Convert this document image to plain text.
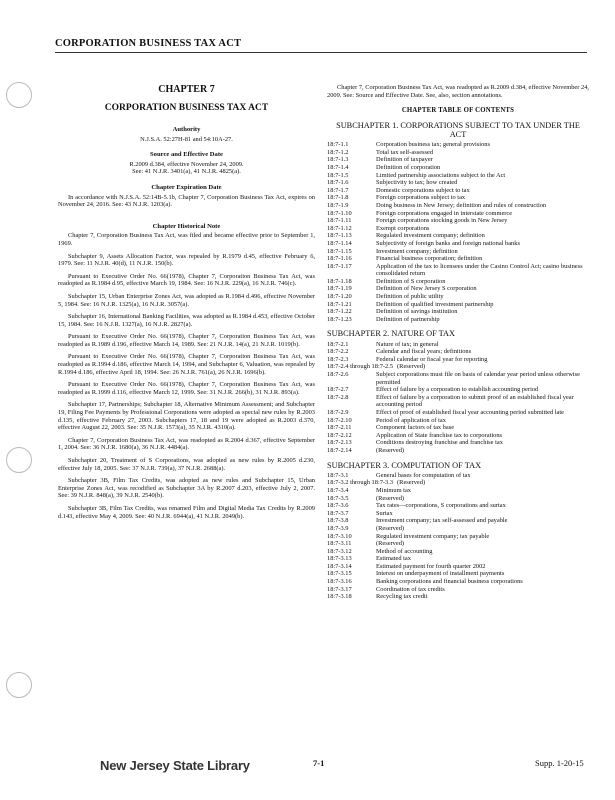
CORPORATION BUSINESS TAX ACT
CHAPTER 7
CORPORATION BUSINESS TAX ACT
Authority

N.J.S.A. 52:27H-81 and 54:10A-27.

Source and Effective Date
R.2009 d.384, effective November 24, 2009.
See: 41 N.J.R. 3401(a), 41 N.J.R. 4825(a).
Chapter Expiration Date

In accordance with N.J.S.A. 52:14B-5.1b, Chapter 7, Corporation Business Tax Act, expires on November 24, 2016. See: 43 N.J.R. 1203(a).

Chapter Historical Note

Chapter 7, Corporation Business Tax Act, was filed and became effective prior to September 1, 1969.

Subchapter 9, Assets Allocation Factor, was repealed by R.1979 d.45, effective February 6, 1979. See: 11 N.J.R. 40(d), 11 N.J.R. 150(b).

Pursuant to Executive Order No. 66(1978), Chapter 7, Corporation Business Tax Act, was readopted as R.1984 d.95, effective March 19, 1984. See: 16 N.J.R. 229(a), 16 N.J.R. 746(c).

Subchapter 15, Urban Enterprise Zones Act, was adopted as R.1984 d.496, effective November 5, 1984. See: 16 N.J.R. 1325(a), 16 N.J.R. 3057(a).

Subchapter 16, International Banking Facilities, was adopted as R.1984 d.453, effective October 15, 1984. See: 16 N.J.R. 1327(a), 16 N.J.R. 2827(a).

Pursuant to Executive Order No. 66(1978), Chapter 7, Corporation Business Tax Act, was readopted as R.1989 d.196, effective March 14, 1989. See: 21 N.J.R. 14(a), 21 N.J.R. 1019(b).

Pursuant to Executive Order No. 66(1978), Chapter 7, Corporation Business Tax Act, was readopted as R.1994 d.186, effective March 14, 1994, and Subchapter 6, Valuation, was repealed by R.1994 d.186, effective April 18, 1994. See: 26 N.J.R. 761(a), 26 N.J.R. 1696(b).

Pursuant to Executive Order No. 66(1978), Chapter 7, Corporation Business Tax Act, was readopted as R.1999 d.116, effective March 12, 1999. See: 31 N.J.R. 266(b), 31 N.J.R. 893(a).

Subchapter 17, Partnerships; Subchapter 18, Alternative Minimum Assessment; and Subchapter 19, Filing Fee Payments by Professional Corporations were adopted as special new rules by R.2003 d.135, effective February 27, 2003. Subchapters 17, 18 and 19 were adopted as R.2003 d.370, effective August 22, 2003. See: 35 N.J.R. 1573(a), 35 N.J.R. 4310(a).

Chapter 7, Corporation Business Tax Act, was readopted as R.2004 d.367, effective September 1, 2004. See: 36 N.J.R. 1680(a), 36 N.J.R. 4484(a).

Subchapter 20, Treatment of S Corporations, was adopted as new rules by R.2005 d.230, effective July 18, 2005. See: 37 N.J.R. 739(a), 37 N.J.R. 2688(a).

Subchapter 3B, Film Tax Credits, was adopted as new rules and Subchapter 15, Urban Enterprise Zones Act, was recodified as Subchapter 3A by R.2007 d.203, effective July 2, 2007. See: 39 N.J.R. 848(a), 39 N.J.R. 2540(b).

Subchapter 3B, Film Tax Credits, was renamed Film and Digital Media Tax Credits by R.2009 d.143, effective May 4, 2009. See: 40 N.J.R. 6944(a), 41 N.J.R. 2049(b).

Chapter 7, Corporation Business Tax Act, was readopted as R.2009 d.384, effective November 24, 2009. See: Source and Effective Date. See, also, section annotations.

CHAPTER TABLE OF CONTENTS
SUBCHAPTER 1. CORPORATIONS SUBJECT TO TAX UNDER THE ACT
18:7-1.1	Corporation business tax; general provisions
18:7-1.2	Total tax self-assessed
18:7-1.3	Definition of taxpayer
18:7-1.4	Definition of corporation
18:7-1.5	Limited partnership associations subject to the Act
18:7-1.6	Subjectivity to tax; how created
18:7-1.7	Domestic corporations subject to tax
18:7-1.8	Foreign corporations subject to tax
18:7-1.9	Doing business in New Jersey; definition and rules of construction
18:7-1.10	Foreign corporations engaged in interstate commerce
18:7-1.11	Foreign corporations stocking goods in New Jersey
18:7-1.12	Exempt corporations
18:7-1.13	Regulated investment company; definition
18:7-1.14	Subjectivity of foreign banks and foreign national banks
18:7-1.15	Investment company; definition
18:7-1.16	Financial business corporation; definition
18:7-1.17	Application of the tax to licensees under the Casino Control Act; casino business consolidated return
18:7-1.18	Definition of S corporation
18:7-1.19	Definition of New Jersey S corporation
18:7-1.20	Definition of public utility
18:7-1.21	Definition of qualified investment partnership
18:7-1.22	Definition of savings institution
18:7-1.23	Definition of partnership
SUBCHAPTER 2. NATURE OF TAX
18:7-2.1	Nature of tax; in general
18:7-2.2	Calendar and fiscal years; definitions
18:7-2.3	Federal calendar or fiscal year for reporting
18:7-2.4 through 18:7-2.5 (Reserved)
18:7-2.6	Subject corporations must file on basis of calendar year period unless otherwise permitted
18:7-2.7	Effect of failure by a corporation to establish accounting period
18:7-2.8	Effect of failure by a corporation to submit proof of an established fiscal year accounting period
18:7-2.9	Effect of proof of established fiscal year accounting period submitted late
18:7-2.10	Period of application of tax
18:7-2.11	Component factors of tax base
18:7-2.12	Application of State franchise tax to corporations
18:7-2.13	Conditions destroying franchise and franchise tax
18:7-2.14	(Reserved)
SUBCHAPTER 3. COMPUTATION OF TAX
18:7-3.1	General bases for computation of tax
18:7-3.2 through 18:7-3.3 (Reserved)
18:7-3.4	Minimum tax
18:7-3.5	(Reserved)
18:7-3.6	Tax rates—corporations, S corporations and surtax
18:7-3.7	Surtax
18:7-3.8	Investment company; tax self-assessed and payable
18:7-3.9	(Reserved)
18:7-3.10	Regulated investment company; tax payable
18:7-3.11	(Reserved)
18:7-3.12	Method of accounting
18:7-3.13	Estimated tax
18:7-3.14	Estimated payment for fourth quarter 2002
18:7-3.15	Interest on underpayment of installment payments
18:7-3.16	Banking corporations and financial business corporations
18:7-3.17	Coordination of tax credits
18:7-3.18	Recycling tax credit
New Jersey State Library	7-1	Supp. 1-20-15
